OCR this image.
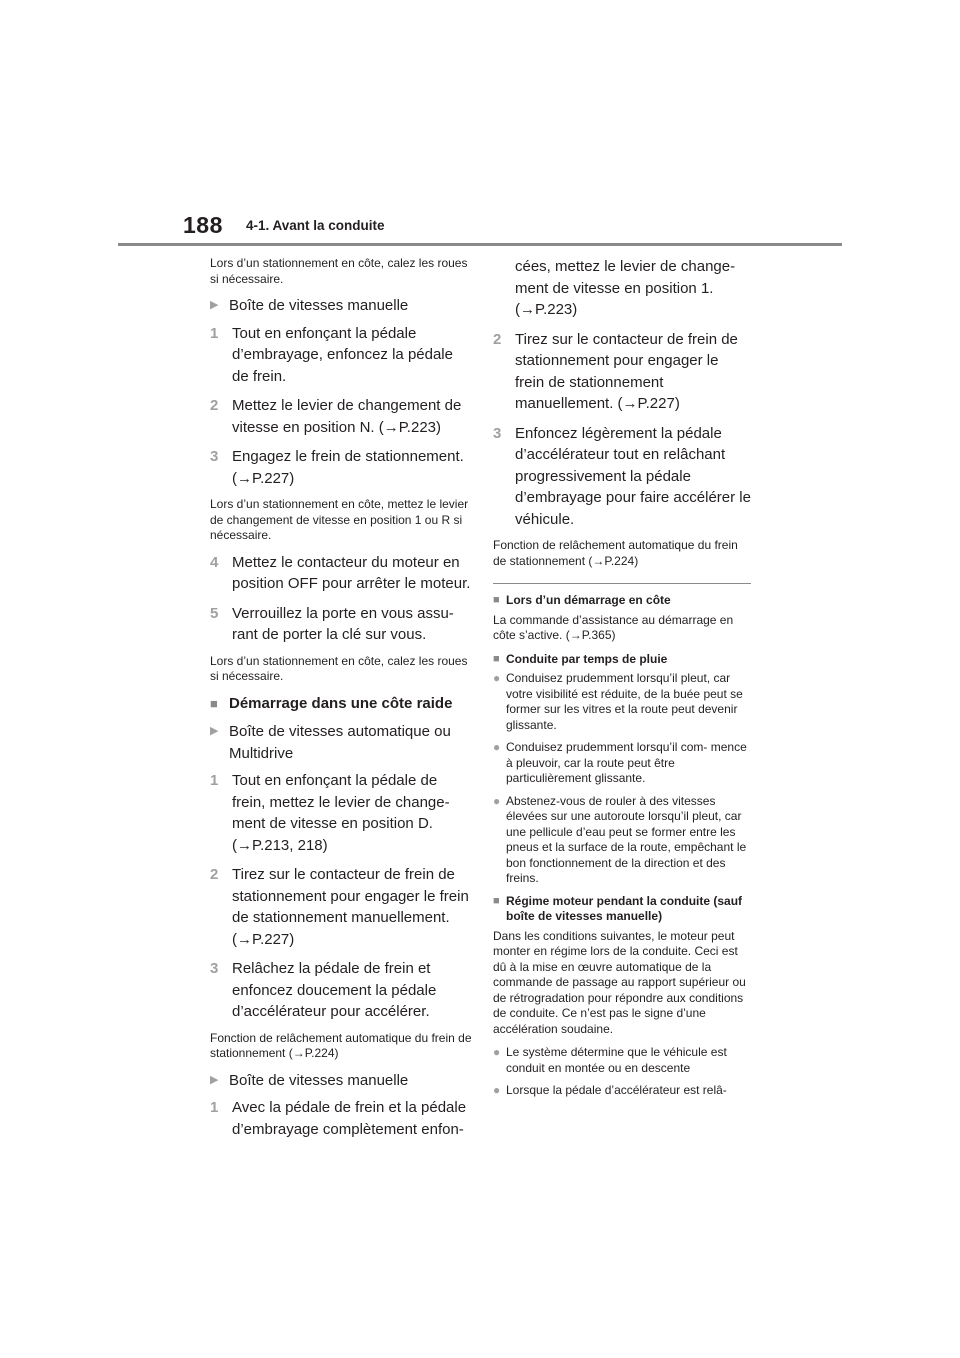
188 4-1. Avant la conduite

Lors d’un stationnement en côte, calez les roues si nécessaire.

▶ Boîte de vitesses manuelle
1 Tout en enfonçant la pédale d’embrayage, enfoncez la pédale de frein.
2 Mettez le levier de changement de vitesse en position N. (→P.223)
3 Engagez le frein de stationnement. (→P.227)

Lors d’un stationnement en côte, mettez le levier de changement de vitesse en position 1 ou R si nécessaire.

4 Mettez le contacteur du moteur en position OFF pour arrêter le moteur.
5 Verrouillez la porte en vous assu- rant de porter la clé sur vous.

Lors d’un stationnement en côte, calez les roues si nécessaire.

■ Démarrage dans une côte raide
▶ Boîte de vitesses automatique ou Multidrive
1 Tout en enfonçant la pédale de frein, mettez le levier de change- ment de vitesse en position D. (→P.213, 218)
2 Tirez sur le contacteur de frein de stationnement pour engager le frein de stationnement manuellement. (→P.227)
3 Relâchez la pédale de frein et enfoncez doucement la pédale d’accélérateur pour accélérer.

Fonction de relâchement automatique du frein de stationnement (→P.224)

▶ Boîte de vitesses manuelle
1 Avec la pédale de frein et la pédale d’embrayage complètement enfon-
cées, mettez le levier de change- ment de vitesse en position 1. (→P.223)
2 Tirez sur le contacteur de frein de stationnement pour engager le frein de stationnement manuellement. (→P.227)
3 Enfoncez légèrement la pédale d’accélérateur tout en relâchant progressivement la pédale d’embrayage pour faire accélérer le véhicule.

Fonction de relâchement automatique du frein de stationnement (→P.224)

■ Lors d’un démarrage en côte

La commande d’assistance au démarrage en côte s’active. (→P.365)

■ Conduite par temps de pluie
● Conduisez prudemment lorsqu’il pleut, car votre visibilité est réduite, de la buée peut se former sur les vitres et la route peut devenir glissante.
● Conduisez prudemment lorsqu’il com- mence à pleuvoir, car la route peut être particulièrement glissante.
● Abstenez-vous de rouler à des vitesses élevées sur une autoroute lorsqu’il pleut, car une pellicule d’eau peut se former entre les pneus et la surface de la route, empêchant le bon fonctionnement de la direction et des freins.
■ Régime moteur pendant la conduite (sauf boîte de vitesses manuelle)

Dans les conditions suivantes, le moteur peut monter en régime lors de la conduite. Ceci est dû à la mise en œuvre automatique de la commande de passage au rapport supérieur ou de rétrogradation pour répondre aux conditions de conduite. Ce n’est pas le signe d’une accélération soudaine.

● Le système détermine que le véhicule est conduit en montée ou en descente
● Lorsque la pédale d’accélérateur est relâ-
